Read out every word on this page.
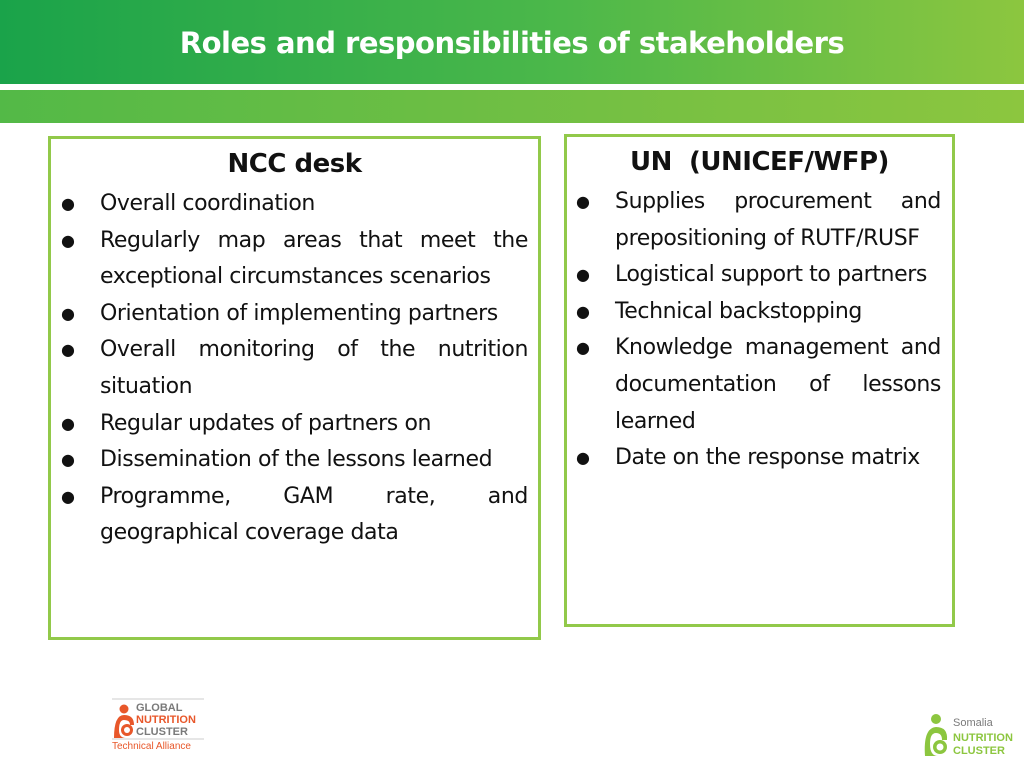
Roles and responsibilities of stakeholders
NCC desk
● Overall coordination
● Regularly map areas that meet the exceptional circumstances scenarios
● Orientation of implementing partners
● Overall monitoring of the nutrition situation
● Regular updates of partners on
● Dissemination of the lessons learned
● Programme, GAM rate, and geographical coverage data
UN  (UNICEF/WFP)
● Supplies procurement and prepositioning of RUTF/RUSF
● Logistical support to partners
● Technical backstopping
● Knowledge management and documentation of lessons learned
● Date on the response matrix
GLOBAL
NUTRITION
CLUSTER
Technical Alliance
Somalia
NUTRITION
CLUSTER
